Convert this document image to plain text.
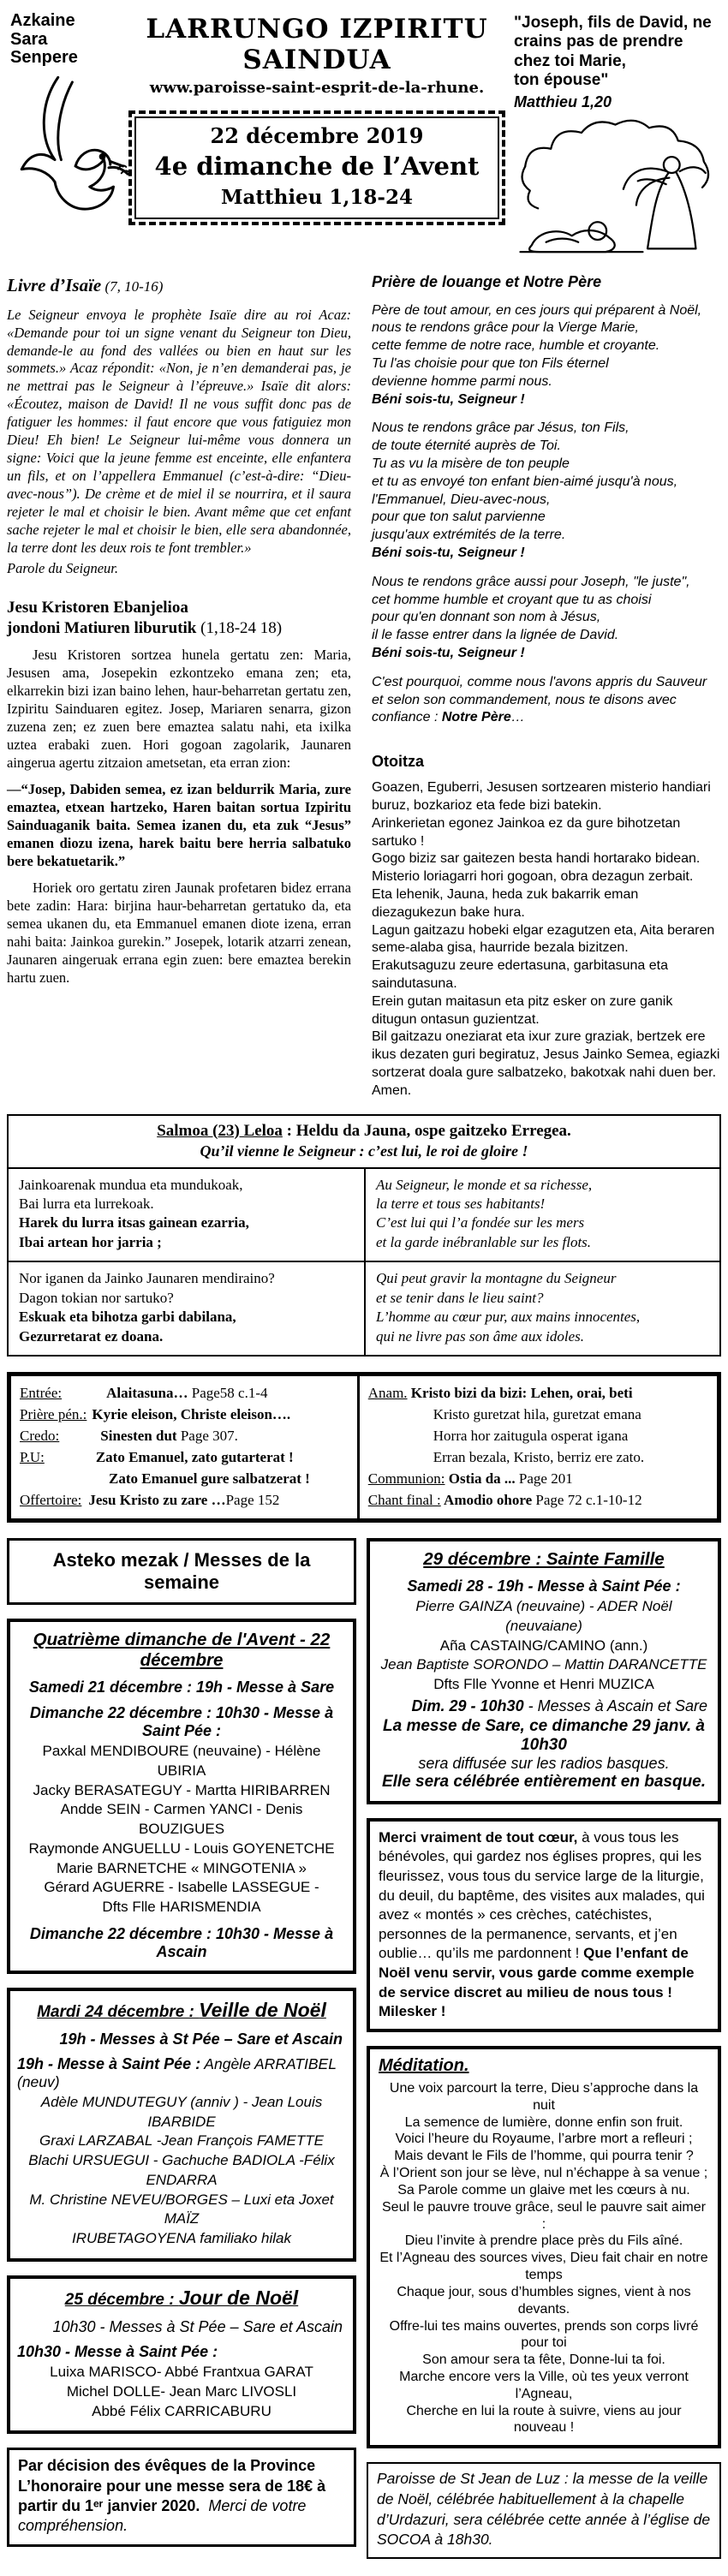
Azkaine
Sara
Senpere
LARRUNGO IZPIRITU SAINDUA
www.paroisse-saint-esprit-de-la-rhune.
22 décembre 2019
4e dimanche de l’Avent
Matthieu 1,18-24
"Joseph, fils de David, ne
crains pas de prendre
chez toi Marie,
ton épouse"
Matthieu 1,20
Livre d’Isaïe (7, 10-16)
Le Seigneur envoya le prophète Isaïe dire au roi Acaz: «Demande pour toi un signe venant du Seigneur ton Dieu, demande-le au fond des vallées ou bien en haut sur les sommets.» Acaz répondit: «Non, je n’en demanderai pas, je ne mettrai pas le Seigneur à l’épreuve.» Isaïe dit alors: «Écoutez, maison de David! Il ne vous suffit donc pas de fatiguer les hommes: il faut encore que vous fatiguiez mon Dieu! Eh bien! Le Seigneur lui-même vous donnera un signe: Voici que la jeune femme est enceinte, elle enfantera un fils, et on l’appellera Emmanuel (c’est-à-dire: “Dieu-avec-nous”). De crème et de miel il se nourrira, et il saura rejeter le mal et choisir le bien. Avant même que cet enfant sache rejeter le mal et choisir le bien, elle sera abandonnée, la terre dont les deux rois te font trembler.»
Parole du Seigneur.
Jesu Kristoren Ebanjelioa
jondoni Matiuren liburutik (1,18-24 18)
Jesu Kristoren sortzea hunela gertatu zen: Maria, Jesusen ama, Josepekin ezkontzeko emana zen; eta, elkarrekin bizi izan baino lehen, haur-beharretan gertatu zen, Izpiritu Sainduaren egitez. Josep, Mariaren senarra, gizon zuzena zen; ez zuen bere emaztea salatu nahi, eta ixilka uztea erabaki zuen. Hori gogoan zagolarik, Jaunaren aingerua agertu zitzaion ametsetan, eta erran zion:
—“Josep, Dabiden semea, ez izan beldurrik Maria, zure emaztea, etxean hartzeko, Haren baitan sortua Izpiritu Sainduaganik baita. Semea izanen du, eta zuk “Jesus” emanen diozu izena, harek baitu bere herria salbatuko bere bekatuetarik.”
Horiek oro gertatu ziren Jaunak profetaren bidez errana bete zadin: Hara: birjina haur-beharretan gertatuko da, eta semea ukanen du, eta Emmanuel emanen diote izena, erran nahi baita: Jainkoa gurekin.” Josepek, lotarik atzarri zenean, Jaunaren aingeruak errana egin zuen: bere emaztea berekin hartu zuen.
Prière de louange et Notre Père
Père de tout amour, en ces jours qui préparent à Noël,
nous te rendons grâce pour la Vierge Marie,
cette femme de notre race, humble et croyante.
Tu l'as choisie pour que ton Fils éternel
devienne homme parmi nous.
Béni sois-tu, Seigneur !
Nous te rendons grâce par Jésus, ton Fils,
de toute éternité auprès de Toi.
Tu as vu la misère de ton peuple
et tu as envoyé ton enfant bien-aimé jusqu'à nous,
l'Emmanuel, Dieu-avec-nous,
pour que ton salut parvienne
jusqu'aux extrémités de la terre.
Béni sois-tu, Seigneur !
Nous te rendons grâce aussi pour Joseph, "le juste",
cet homme humble et croyant que tu as choisi
pour qu'en donnant son nom à Jésus,
il le fasse entrer dans la lignée de David.
Béni sois-tu, Seigneur !
C'est pourquoi, comme nous l'avons appris du Sauveur
et selon son commandement, nous te disons avec
confiance : Notre Père…
Otoitza
Goazen, Eguberri, Jesusen sortzearen misterio handiari buruz, bozkarioz eta fede bizi batekin.
Arinkerietan egonez Jainkoa ez da gure bihotzetan sartuko !
Gogo biziz sar gaitezen besta handi hortarako bidean.
Misterio loriagarri hori gogoan, obra dezagun zerbait.
Eta lehenik, Jauna, heda zuk bakarrik eman diezagukezun bake hura.
Lagun gaitzazu hobeki elgar ezagutzen eta, Aita beraren seme-alaba gisa, haurride bezala bizitzen.
Erakutsaguzu zeure edertasuna, garbitasuna eta saindutasuna.
Erein gutan maitasun eta pitz esker on zure ganik ditugun ontasun guzientzat.
Bil gaitzazu oneziarat eta ixur zure graziak, bertzek ere ikus dezaten guri begiratuz, Jesus Jainko Semea, egiazki sortzerat doala gure salbatzeko, bakotxak nahi duen ber.
Amen.
Salmoa (23) Leloa : Heldu da Jauna, ospe gaitzeko Erregea.
Qu’il vienne le Seigneur : c’est lui, le roi de gloire !
Jainkoarenak mundua eta mundukoak,
Bai lurra eta lurrekoak.
Harek du lurra itsas gainean ezarria,
Ibai artean hor jarria ;
Au Seigneur, le monde et sa richesse,
la terre et tous ses habitants!
C’est lui qui l’a fondée sur les mers
et la garde inébranlable sur les flots.
Nor iganen da Jainko Jaunaren mendiraino?
Dagon tokian nor sartuko?
Eskuak eta bihotza garbi dabilana,
Gezurretarat ez doana.
Qui peut gravir la montagne du Seigneur
et se tenir dans le lieu saint?
L’homme au cœur pur, aux mains innocentes,
qui ne livre pas son âme aux idoles.
Entrée:	Alaitasuna… Page58 c.1-4
Prière pén.: Kyrie eleison, Christe eleison….
Credo:	Sinesten dut Page 307.
P.U:	Zato Emanuel, zato gutarterat !
Zato Emanuel gure salbatzerat !
Offertoire: Jesu Kristo zu zare …Page 152
Anam. Kristo bizi da bizi: Lehen, orai, beti
Kristo guretzat hila, guretzat emana
Horra hor zaitugula osperat igana
Erran bezala, Kristo, berriz ere zato.
Communion: Ostia da ... Page 201
Chant final : Amodio ohore Page 72 c.1-10-12
Asteko mezak / Messes de la semaine
Quatrième dimanche de l'Avent - 22 décembre
Samedi 21 décembre : 19h - Messe à Sare
Dimanche 22 décembre : 10h30 - Messe à Saint Pée :
Paxkal MENDIBOURE (neuvaine) - Hélène UBIRIA
Jacky BERASATEGUY - Martta HIRIBARREN
Andde SEIN - Carmen YANCI - Denis BOUZIGUES
Raymonde ANGUELLU - Louis GOYENETCHE
Marie BARNETCHE « MINGOTENIA »
Gérard AGUERRE - Isabelle LASSEGUE -
Dfts Flle HARISMENDIA
Dimanche 22 décembre : 10h30 - Messe à Ascain
Mardi 24 décembre : Veille de Noël
19h - Messes à St Pée – Sare et Ascain
19h - Messe à Saint Pée : Angèle ARRATIBEL (neuv)
Adèle MUNDUTEGUY (anniv ) - Jean Louis IBARBIDE
Graxi LARZABAL -Jean François FAMETTE
Blachi URSUEGUI - Gachuche BADIOLA -Félix ENDARRA
M. Christine NEVEU/BORGES – Luxi eta Joxet MAÏZ
IRUBETAGOYENA familiako hilak
25 décembre : Jour de Noël
10h30 - Messes à St Pée – Sare et Ascain
10h30 - Messe à Saint Pée :
Luixa MARISCO- Abbé Frantxua GARAT
Michel DOLLE- Jean Marc LIVOSLI
Abbé Félix CARRICABURU
Par décision des évêques de la Province L’honoraire pour une messe sera de 18€ à partir du 1ᵉʳ janvier 2020. Merci de votre compréhension.
29 décembre : Sainte Famille
Samedi 28 - 19h - Messe à Saint Pée :
Pierre GAINZA (neuvaine) - ADER Noël (neuvaiane)
Aña CASTAING/CAMINO (ann.)
Jean Baptiste SORONDO – Mattin DARANCETTE
Dfts Flle Yvonne et Henri MUZICA
Dim. 29 - 10h30 - Messes à Ascain et Sare
La messe de Sare, ce dimanche 29 janv. à 10h30
sera diffusée sur les radios basques.
Elle sera célébrée entièrement en basque.
Merci vraiment de tout cœur, à vous tous les bénévoles, qui gardez nos églises propres, qui les fleurissez, vous tous du service large de la liturgie, du deuil, du baptême, des visites aux malades, qui avez « montés » ces crèches, catéchistes, personnes de la permanence, servants, et j’en oublie… qu’ils me pardonnent ! Que l’enfant de Noël venu servir, vous garde comme exemple de service discret au milieu de nous tous ! Milesker !
Méditation.
Une voix parcourt la terre, Dieu s’approche dans la nuit
La semence de lumière, donne enfin son fruit.
Voici l’heure du Royaume, l’arbre mort a refleuri ;
Mais devant le Fils de l’homme, qui pourra tenir ?
À l’Orient son jour se lève, nul n’échappe à sa venue ;
Sa Parole comme un glaive met les cœurs à nu.
Seul le pauvre trouve grâce, seul le pauvre sait aimer :
Dieu l’invite à prendre place près du Fils aîné.
Et l’Agneau des sources vives, Dieu fait chair en notre temps
Chaque jour, sous d’humbles signes, vient à nos devants.
Offre-lui tes mains ouvertes, prends son corps livré pour toi
Son amour sera ta fête, Donne-lui ta foi.
Marche encore vers la Ville, où tes yeux verront l’Agneau,
Cherche en lui la route à suivre, viens au jour nouveau !
Paroisse de St Jean de Luz : la messe de la veille de Noël, célébrée habituellement à la chapelle d’Urdazuri, sera célébrée cette année à l’église de SOCOA à 18h30.
